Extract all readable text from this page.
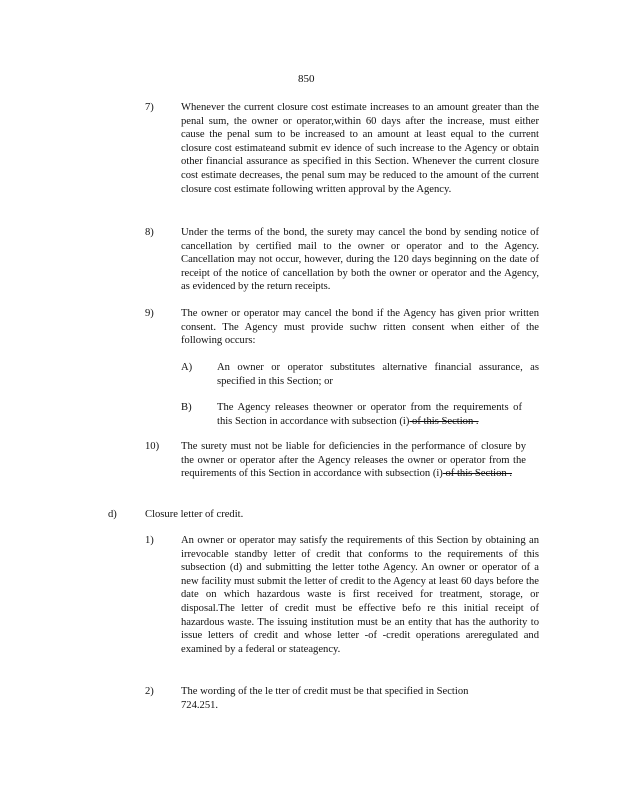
850
7)	Whenever the current closure cost estimate increases to an amount greater than the penal sum, the owner or operator,within 60 days after the increase, must either cause the penal sum to be increased to an amount at least equal to the current closure cost estimateand submit ev idence of such increase to the Agency or obtain other financial assurance as specified in this Section. Whenever the current closure cost estimate decreases, the penal sum may be reduced to the amount of the current closure cost estimate following written approval by the Agency.
8)	Under the terms of the bond, the surety may cancel the bond by sending notice of cancellation by certified mail to the owner or operator and to the Agency. Cancellation may not occur, however, during the 120 days beginning on the date of receipt of the notice of cancellation by both the owner or operator and the Agency, as evidenced by the return receipts.
9)	The owner or operator may cancel the bond if the Agency has given prior written consent. The Agency must provide suchw ritten consent when either of the following occurs:
A) An owner or operator substitutes alternative financial assurance, as specified in this Section; or
B) The Agency releases theowner or operator from the requirements of this Section in accordance with subsection (i) of this Section .
10) The surety must not be liable for deficiencies in the performance of closure by the owner or operator after the Agency releases the owner or operator from the requirements of this Section in accordance with subsection (i) of this Section .
d)	Closure letter of credit.
1)	An owner or operator may satisfy the requirements of this Section by obtaining an irrevocable standby letter of credit that conforms to the requirements of this subsection (d) and submitting the letter tothe Agency. An owner or operator of a new facility must submit the letter of credit to the Agency at least 60 days before the date on which hazardous waste is first received for treatment, storage, or disposal.The letter of credit must be effective befo re this initial receipt of hazardous waste. The issuing institution must be an entity that has the authority to issue letters of credit and whose letter -of -credit operations areregulated and examined by a federal or stateagency.
2)	The wording of the le tter of credit must be that specified in Section 724.251.
